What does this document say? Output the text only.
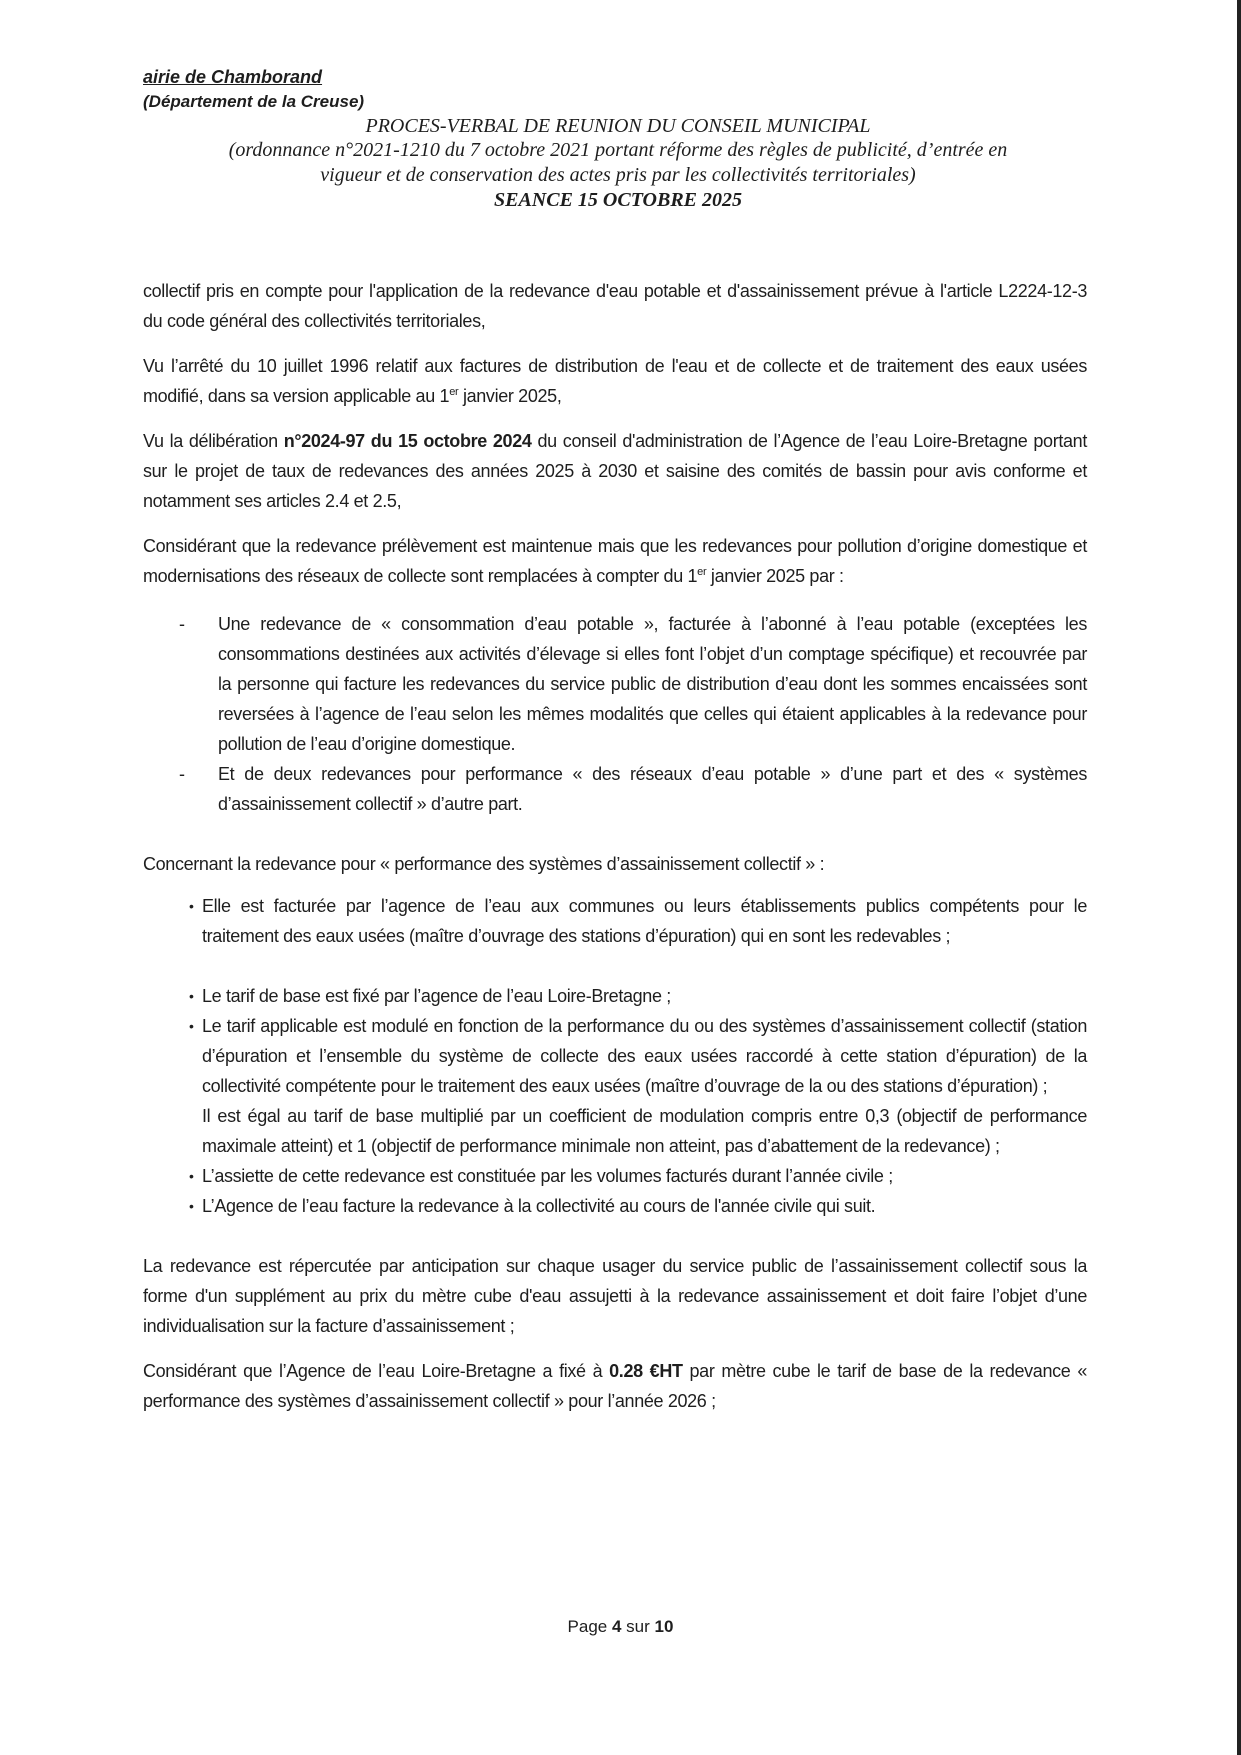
airie de Chamborand

(Département de la Creuse)

PROCES-VERBAL DE REUNION DU CONSEIL MUNICIPAL

(ordonnance n°2021-1210 du 7 octobre 2021 portant réforme des règles de publicité, d’entrée en

vigueur et de conservation des actes pris par les collectivités territoriales)

SEANCE 15 OCTOBRE 2025

collectif pris en compte pour l'application de la redevance d'eau potable et d'assainissement prévue à l'article L2224-12-3 du code général des collectivités territoriales,

Vu l’arrêté du 10 juillet 1996 relatif aux factures de distribution de l'eau et de collecte et de traitement des eaux usées modifié, dans sa version applicable au 1er janvier 2025,

Vu la délibération n°2024-97 du 15 octobre 2024 du conseil d'administration de l’Agence de l’eau Loire-Bretagne portant sur le projet de taux de redevances des années 2025 à 2030 et saisine des comités de bassin pour avis conforme et notamment ses articles 2.4 et 2.5,

Considérant que la redevance prélèvement est maintenue mais que les redevances pour pollution d’origine domestique et modernisations des réseaux de collecte sont remplacées à compter du 1er janvier 2025 par :

- Une redevance de « consommation d’eau potable », facturée à l’abonné à l’eau potable (exceptées les consommations destinées aux activités d’élevage si elles font l’objet d’un comptage spécifique) et recouvrée par la personne qui facture les redevances du service public de distribution d’eau dont les sommes encaissées sont reversées à l’agence de l’eau selon les mêmes modalités que celles qui étaient applicables à la redevance pour pollution de l’eau d’origine domestique.
- Et de deux redevances pour performance « des réseaux d’eau potable » d’une part et des « systèmes d’assainissement collectif » d’autre part.

Concernant la redevance pour « performance des systèmes d’assainissement collectif » :

• Elle est facturée par l’agence de l’eau aux communes ou leurs établissements publics compétents pour le traitement des eaux usées (maître d’ouvrage des stations d’épuration) qui en sont les redevables ;
• Le tarif de base est fixé par l’agence de l’eau Loire-Bretagne ;
• Le tarif applicable est modulé en fonction de la performance du ou des systèmes d’assainissement collectif (station d’épuration et l’ensemble du système de collecte des eaux usées raccordé à cette station d’épuration) de la collectivité compétente pour le traitement des eaux usées (maître d’ouvrage de la ou des stations d’épuration) ;
Il est égal au tarif de base multiplié par un coefficient de modulation compris entre 0,3 (objectif de performance maximale atteint) et 1 (objectif de performance minimale non atteint, pas d’abattement de la redevance) ;
• L’assiette de cette redevance est constituée par les volumes facturés durant l’année civile ;
• L’Agence de l’eau facture la redevance à la collectivité au cours de l'année civile qui suit.

La redevance est répercutée par anticipation sur chaque usager du service public de l’assainissement collectif sous la forme d'un supplément au prix du mètre cube d'eau assujetti à la redevance assainissement et doit faire l’objet d’une individualisation sur la facture d’assainissement ;

Considérant que l’Agence de l’eau Loire-Bretagne a fixé à 0.28 €HT par mètre cube le tarif de base de la redevance « performance des systèmes d’assainissement collectif » pour l’année 2026 ;

Page 4 sur 10
